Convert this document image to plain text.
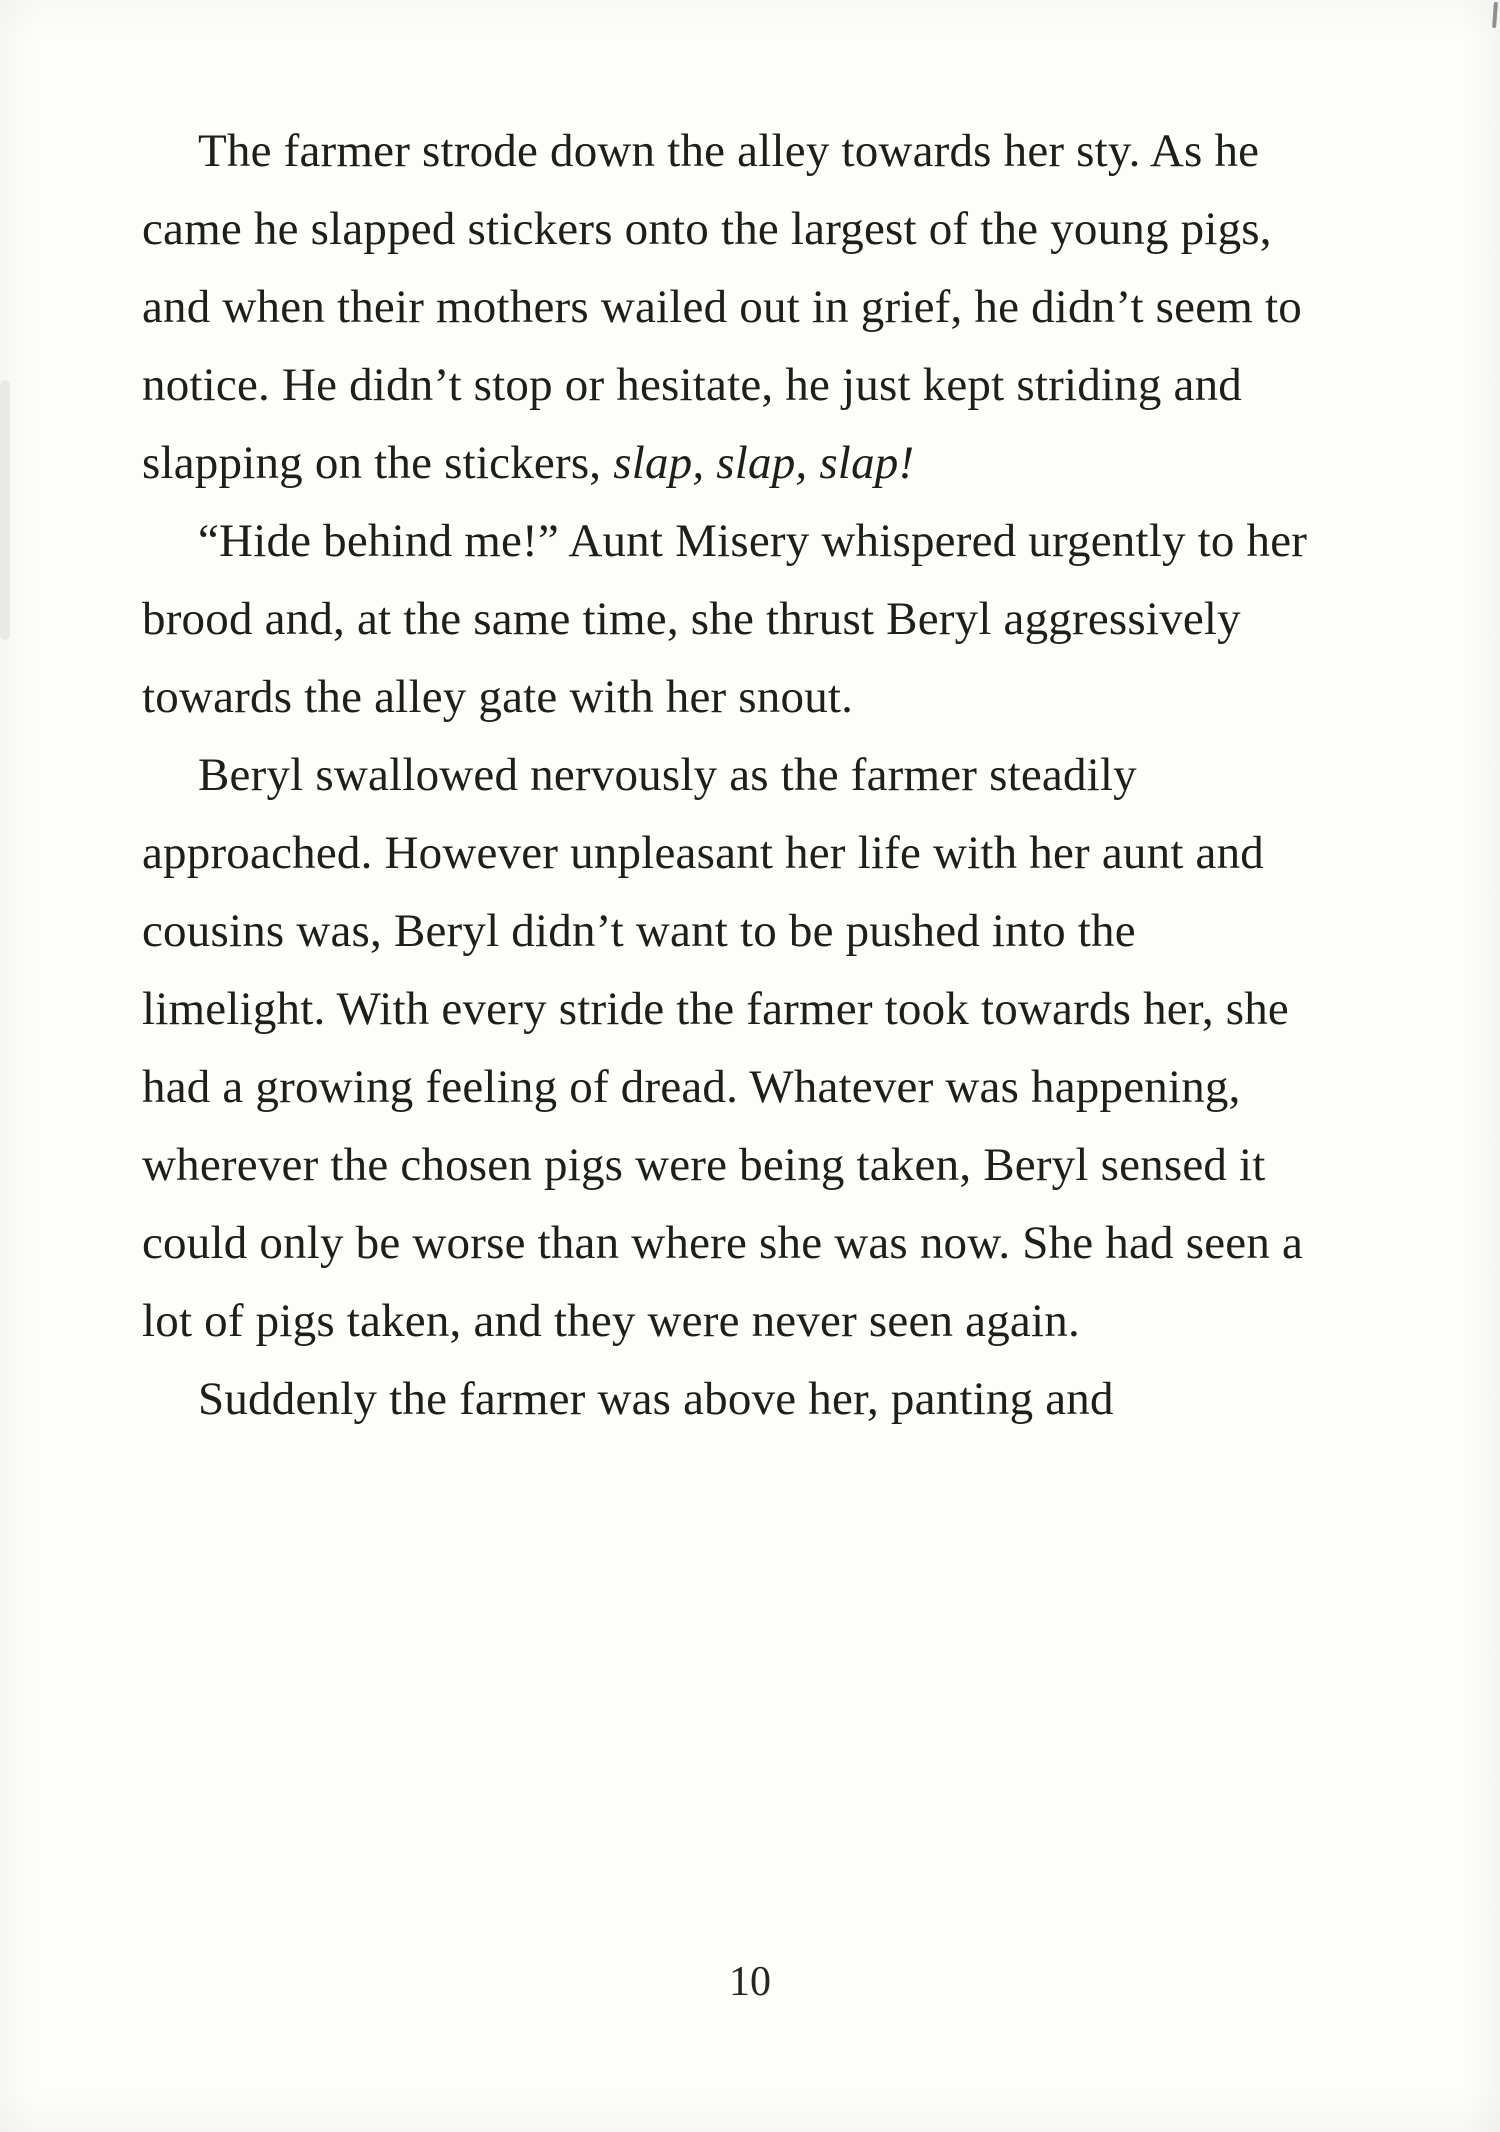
The farmer strode down the alley towards her sty. As he came he slapped stickers onto the largest of the young pigs, and when their mothers wailed out in grief, he didn’t seem to notice. He didn’t stop or hesitate, he just kept striding and slapping on the stickers, slap, slap, slap!

“Hide behind me!” Aunt Misery whispered urgently to her brood and, at the same time, she thrust Beryl aggressively towards the alley gate with her snout.

Beryl swallowed nervously as the farmer steadily approached. However unpleasant her life with her aunt and cousins was, Beryl didn’t want to be pushed into the limelight. With every stride the farmer took towards her, she had a growing feeling of dread. Whatever was happening, wherever the chosen pigs were being taken, Beryl sensed it could only be worse than where she was now. She had seen a lot of pigs taken, and they were never seen again.

Suddenly the farmer was above her, panting and

10
